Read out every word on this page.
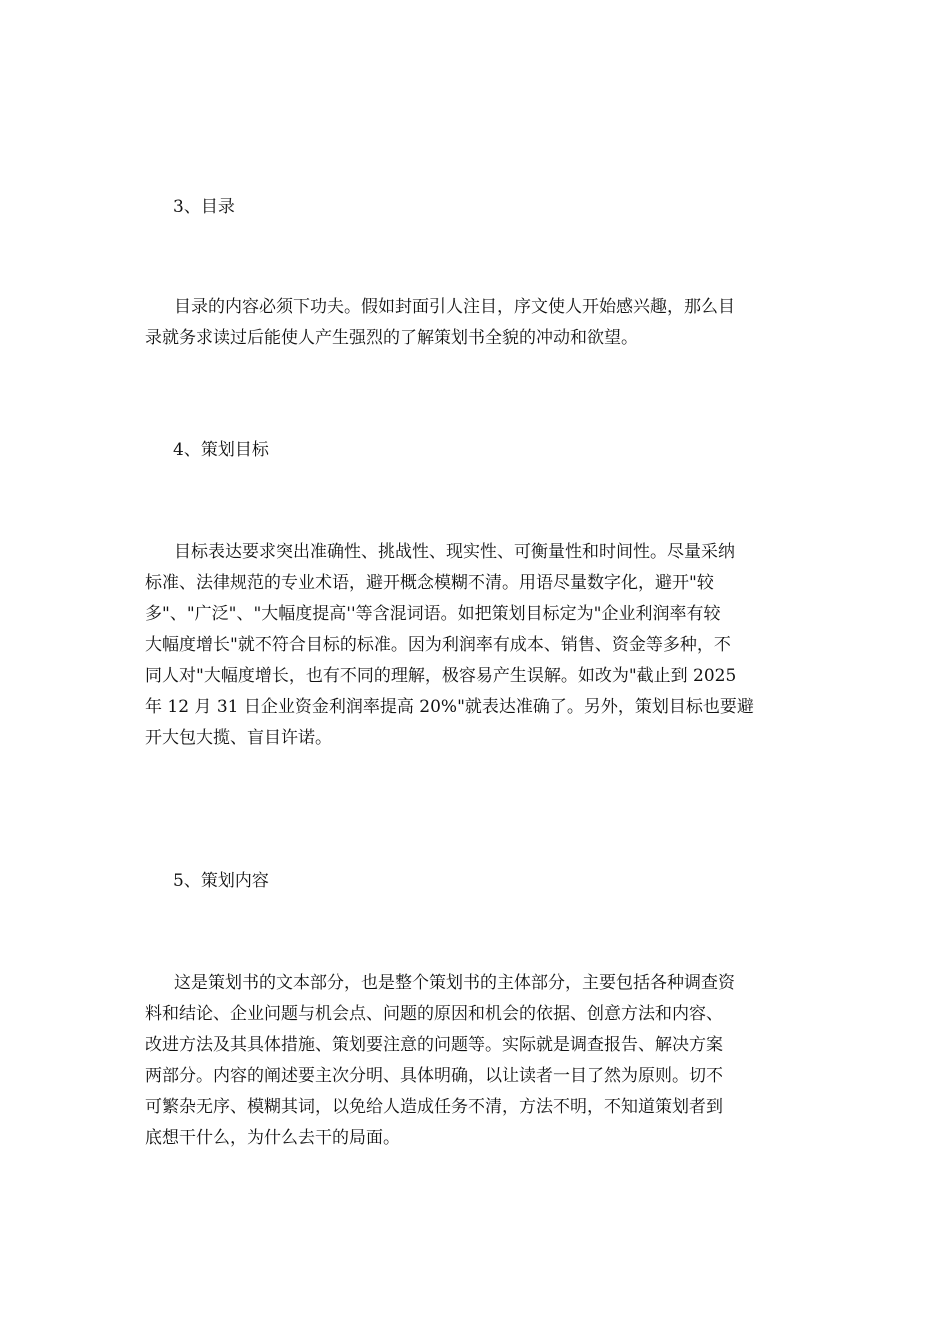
3、目录

目录的内容必须下功夫。假如封面引人注目，序文使人开始感兴趣，那么目
录就务求读过后能使人产生强烈的了解策划书全貌的冲动和欲望。

4、策划目标

目标表达要求突出准确性、挑战性、现实性、可衡量性和时间性。尽量采纳
标准、法律规范的专业术语，避开概念模糊不清。用语尽量数字化，避开"较
多"、"广泛"、"大幅度提高''等含混词语。如把策划目标定为"企业利润率有较
大幅度增长"就不符合目标的标准。因为利润率有成本、销售、资金等多种，不
同人对"大幅度增长，也有不同的理解，极容易产生误解。如改为"截止到 2025
年 12 月 31 日企业资金利润率提高 20%"就表达准确了。另外，策划目标也要避
开大包大揽、盲目许诺。

5、策划内容

这是策划书的文本部分，也是整个策划书的主体部分，主要包括各种调查资
料和结论、企业问题与机会点、问题的原因和机会的依据、创意方法和内容、
改进方法及其具体措施、策划要注意的问题等。实际就是调查报告、解决方案
两部分。内容的阐述要主次分明、具体明确，以让读者一目了然为原则。切不
可繁杂无序、模糊其词，以免给人造成任务不清，方法不明，不知道策划者到
底想干什么，为什么去干的局面。
